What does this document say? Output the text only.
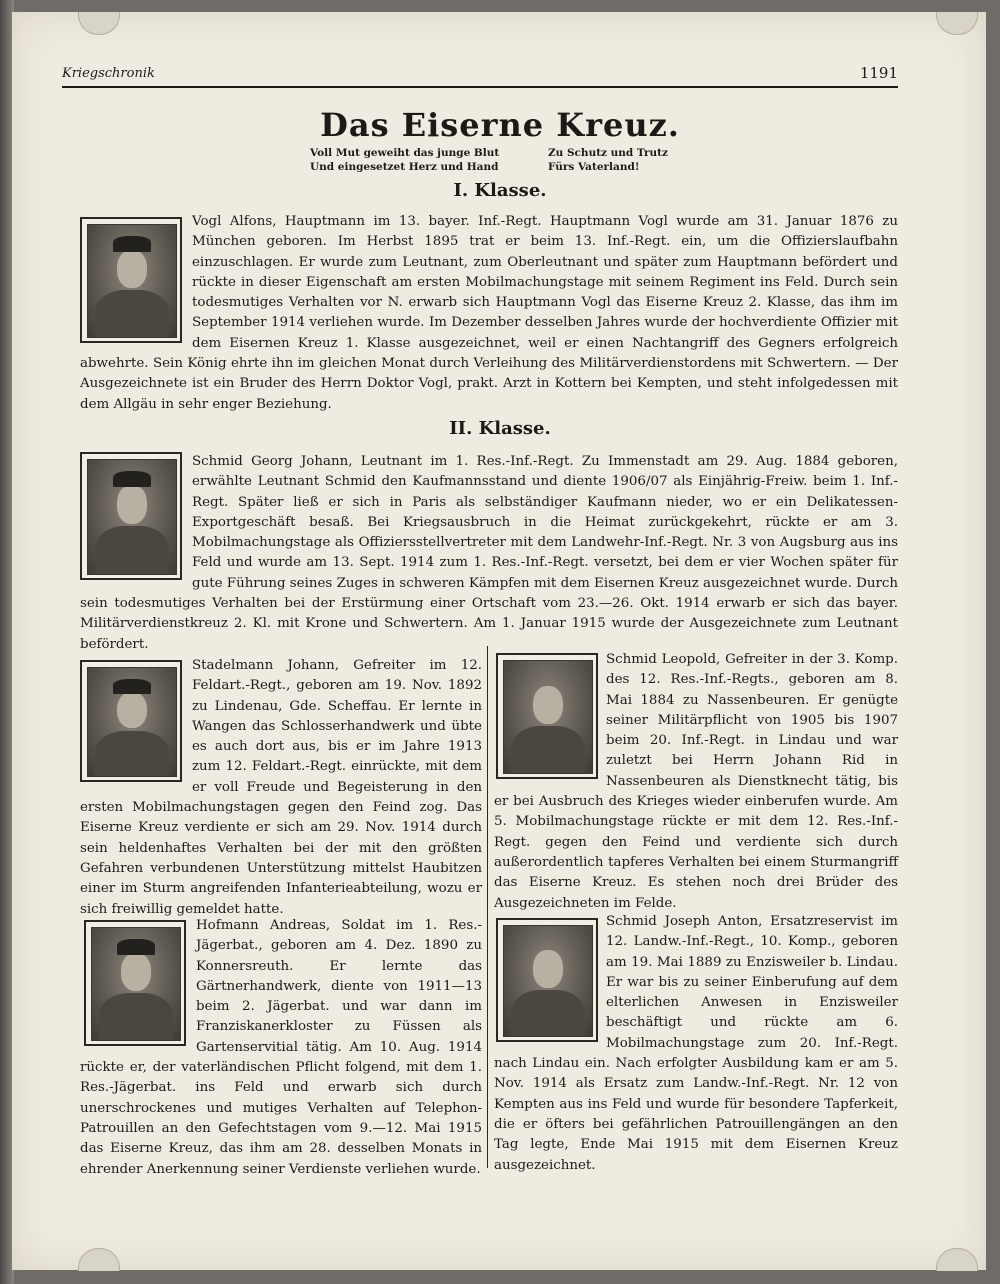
Kriegschronik	1191
Das Eiserne Kreuz.
Voll Mut geweiht das junge Blut
Und eingesetzet Herz und Hand
Zu Schutz und Trutz
Fürs Vaterland!
I. Klasse.

Vogl Alfons, Hauptmann im 13. bayer. Inf.-Regt. Hauptmann Vogl wurde am 31. Januar 1876 zu München geboren. Im Herbst 1895 trat er beim 13. Inf.-Regt. ein, um die Offizierslaufbahn einzuschlagen. Er wurde zum Leutnant, zum Oberleutnant und später zum Hauptmann befördert und rückte in dieser Eigenschaft am ersten Mobilmachungstage mit seinem Regiment ins Feld. Durch sein todesmutiges Verhalten vor N. erwarb sich Hauptmann Vogl das Eiserne Kreuz 2. Klasse, das ihm im September 1914 verliehen wurde. Im Dezember desselben Jahres wurde der hochverdiente Offizier mit dem Eisernen Kreuz 1. Klasse ausgezeichnet, weil er einen Nachtangriff des Gegners erfolgreich abwehrte. Sein König ehrte ihn im gleichen Monat durch Verleihung des Militärverdienstordens mit Schwertern. — Der Ausgezeichnete ist ein Bruder des Herrn Doktor Vogl, prakt. Arzt in Kottern bei Kempten, und steht infolgedessen mit dem Allgäu in sehr enger Beziehung.

II. Klasse.

Schmid Georg Johann, Leutnant im 1. Res.-Inf.-Regt. Zu Immenstadt am 29. Aug. 1884 geboren, erwählte Leutnant Schmid den Kaufmannsstand und diente 1906/07 als Einjährig-Freiw. beim 1. Inf.-Regt. Später ließ er sich in Paris als selbständiger Kaufmann nieder, wo er ein Delikatessen-Exportgeschäft besaß. Bei Kriegsausbruch in die Heimat zurückgekehrt, rückte er am 3. Mobilmachungstage als Offiziersstellvertreter mit dem Landwehr-Inf.-Regt. Nr. 3 von Augsburg aus ins Feld und wurde am 13. Sept. 1914 zum 1. Res.-Inf.-Regt. versetzt, bei dem er vier Wochen später für gute Führung seines Zuges in schweren Kämpfen mit dem Eisernen Kreuz ausgezeichnet wurde. Durch sein todesmutiges Verhalten bei der Erstürmung einer Ortschaft vom 23.—26. Okt. 1914 erwarb er sich das bayer. Militärverdienstkreuz 2. Kl. mit Krone und Schwertern. Am 1. Januar 1915 wurde der Ausgezeichnete zum Leutnant befördert.

Stadelmann Johann, Gefreiter im 12. Feldart.-Regt., geboren am 19. Nov. 1892 zu Lindenau, Gde. Scheffau. Er lernte in Wangen das Schlosserhandwerk und übte es auch dort aus, bis er im Jahre 1913 zum 12. Feldart.-Regt. einrückte, mit dem er voll Freude und Begeisterung in den ersten Mobilmachungstagen gegen den Feind zog. Das Eiserne Kreuz verdiente er sich am 29. Nov. 1914 durch sein heldenhaftes Verhalten bei der mit den größten Gefahren verbundenen Unterstützung mittelst Haubitzen einer im Sturm angreifenden Infanterieabteilung, wozu er sich freiwillig gemeldet hatte.

Hofmann Andreas, Soldat im 1. Res.-Jägerbat., geboren am 4. Dez. 1890 zu Konnersreuth. Er lernte das Gärtnerhandwerk, diente von 1911—13 beim 2. Jägerbat. und war dann im Franziskanerkloster zu Füssen als Gartenservitial tätig. Am 10. Aug. 1914 rückte er, der vaterländischen Pflicht folgend, mit dem 1. Res.-Jägerbat. ins Feld und erwarb sich durch unerschrockenes und mutiges Verhalten auf Telephon-Patrouillen an den Gefechtstagen vom 9.—12. Mai 1915 das Eiserne Kreuz, das ihm am 28. desselben Monats in ehrender Anerkennung seiner Verdienste verliehen wurde.

Schmid Leopold, Gefreiter in der 3. Komp. des 12. Res.-Inf.-Regts., geboren am 8. Mai 1884 zu Nassenbeuren. Er genügte seiner Militärpflicht von 1905 bis 1907 beim 20. Inf.-Regt. in Lindau und war zuletzt bei Herrn Johann Rid in Nassenbeuren als Dienstknecht tätig, bis er bei Ausbruch des Krieges wieder einberufen wurde. Am 5. Mobilmachungstage rückte er mit dem 12. Res.-Inf.-Regt. gegen den Feind und verdiente sich durch außerordentlich tapferes Verhalten bei einem Sturmangriff das Eiserne Kreuz. Es stehen noch drei Brüder des Ausgezeichneten im Felde.

Schmid Joseph Anton, Ersatzreservist im 12. Landw.-Inf.-Regt., 10. Komp., geboren am 19. Mai 1889 zu Enzisweiler b. Lindau. Er war bis zu seiner Einberufung auf dem elterlichen Anwesen in Enzisweiler beschäftigt und rückte am 6. Mobilmachungstage zum 20. Inf.-Regt. nach Lindau ein. Nach erfolgter Ausbildung kam er am 5. Nov. 1914 als Ersatz zum Landw.-Inf.-Regt. Nr. 12 von Kempten aus ins Feld und wurde für besondere Tapferkeit, die er öfters bei gefährlichen Patrouillengängen an den Tag legte, Ende Mai 1915 mit dem Eisernen Kreuz ausgezeichnet.
